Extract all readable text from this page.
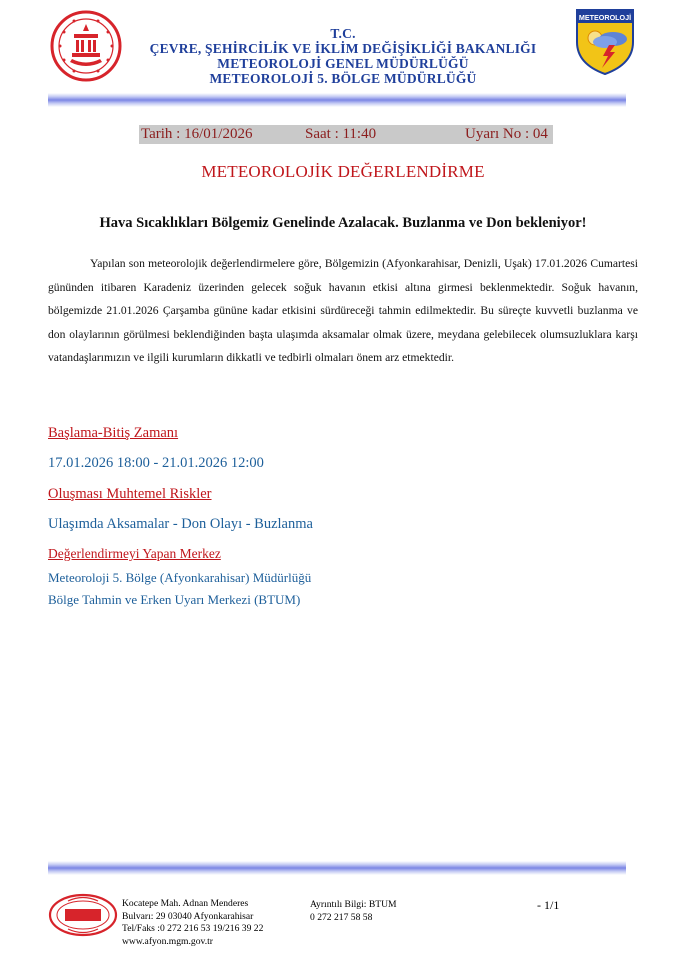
T.C.
ÇEVRE, ŞEHİRCİLİK VE İKLİM DEĞİŞİKLİĞİ BAKANLIĞI
METEOROLOJİ GENEL MÜDÜRLÜĞÜ
METEOROLOJİ 5. BÖLGE MÜDÜRLÜĞÜ
METEOROLOJİ
Tarih : 16/01/2026	Saat : 11:40	Uyarı No : 04
METEOROLOJİK DEĞERLENDİRME
Hava Sıcaklıkları Bölgemiz Genelinde Azalacak. Buzlanma ve Don bekleniyor!

Yapılan son meteorolojik değerlendirmelere göre, Bölgemizin (Afyonkarahisar, Denizli, Uşak) 17.01.2026 Cumartesi gününden itibaren Karadeniz üzerinden gelecek soğuk havanın etkisi altına girmesi beklenmektedir. Soğuk havanın, bölgemizde 21.01.2026 Çarşamba gününe kadar etkisini sürdüreceği tahmin edilmektedir. Bu süreçte kuvvetli buzlanma ve don olaylarının görülmesi beklendiğinden başta ulaşımda aksamalar olmak üzere, meydana gelebilecek olumsuzluklara karşı vatandaşlarımızın ve ilgili kurumların dikkatli ve tedbirli olmaları önem arz etmektedir.

Başlama-Bitiş Zamanı
17.01.2026 18:00 - 21.01.2026 12:00
Oluşması Muhtemel Riskler
Ulaşımda Aksamalar - Don Olayı - Buzlanma
Değerlendirmeyi Yapan Merkez
Meteoroloji 5. Bölge (Afyonkarahisar) Müdürlüğü
Bölge Tahmin ve Erken Uyarı Merkezi (BTUM)
Kocatepe Mah. Adnan Menderes
Bulvarı: 29 03040 Afyonkarahisar
Tel/Faks :0 272 216 53 19/216 39 22
www.afyon.mgm.gov.tr
Ayrıntılı Bilgi: BTUM
0 272 217 58 58
- 1/1
